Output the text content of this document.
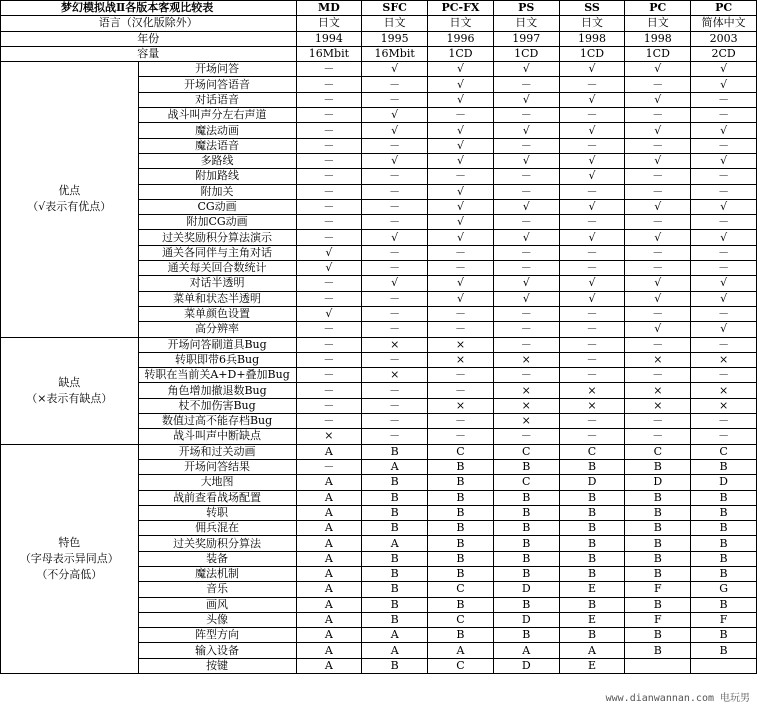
梦幻模拟战Ⅱ各版本客观比较表		MD	SFC	PC-FX	PS	SS	PC	PC
语言（汉化版除外）		日文	日文	日文	日文	日文	日文	简体中文
年份		1994	1995	1996	1997	1998	1998	2003
容量		16Mbit	16Mbit	1CD	1CD	1CD	1CD	2CD

优点
（√表示有优点）	开场问答	－	√	√	√	√	√	√
	开场问答语音	－	－	√	－	－	－	√
	对话语音	－	－	√	√	√	√	－
	战斗叫声分左右声道	－	√	－	－	－	－	－
	魔法动画	－	√	√	√	√	√	√
	魔法语音	－	－	√	－	－	－	－
	多路线	－	√	√	√	√	√	√
	附加路线	－	－	－	－	√	－	－
	附加关	－	－	√	－	－	－	－
	CG动画	－	－	√	√	√	√	√
	附加CG动画	－	－	√	－	－	－	－
	过关奖励积分算法演示	－	√	√	√	√	√	√
	通关各同伴与主角对话	√	－	－	－	－	－	－
	通关每关回合数统计	√	－	－	－	－	－	－
	对话半透明	－	√	√	√	√	√	√
	菜单和状态半透明	－	－	√	√	√	√	√
	菜单颜色设置	√	－	－	－	－	－	－
	高分辨率	－	－	－	－	－	√	√

缺点
（×表示有缺点）	开场问答刷道具Bug	－	×	×	－	－	－	－
	转职即带6兵Bug	－	－	×	×	－	×	×
	转职在当前关A+D+叠加Bug	－	×	－	－	－	－	－
	角色增加撤退数Bug	－	－	－	×	×	×	×
	杖不加伤害Bug	－	－	×	×	×	×	×
	数值过高不能存档Bug	－	－	－	×	－	－	－
	战斗叫声中断缺点	×	－	－	－	－	－	－

特色
（字母表示异同点）
（不分高低）	开场和过关动画	A	B	C	C	C	C	C
	开场问答结果	－	A	B	B	B	B	B
	大地图	A	B	B	C	D	D	D
	战前查看战场配置	A	B	B	B	B	B	B
	转职	A	B	B	B	B	B	B
	佣兵混在	A	B	B	B	B	B	B
	过关奖励积分算法	A	A	B	B	B	B	B
	装备	A	B	B	B	B	B	B
	魔法机制	A	B	B	B	B	B	B
	音乐	A	B	C	D	E	F	G
	画风	A	B	B	B	B	B	B
	头像	A	B	C	D	E	F	F
	阵型方向	A	A	B	B	B	B	B
	输入设备	A	A	A	A	A	B	B
	按键	A	B	C	D	E		
www.dianwannan.com 电玩男
